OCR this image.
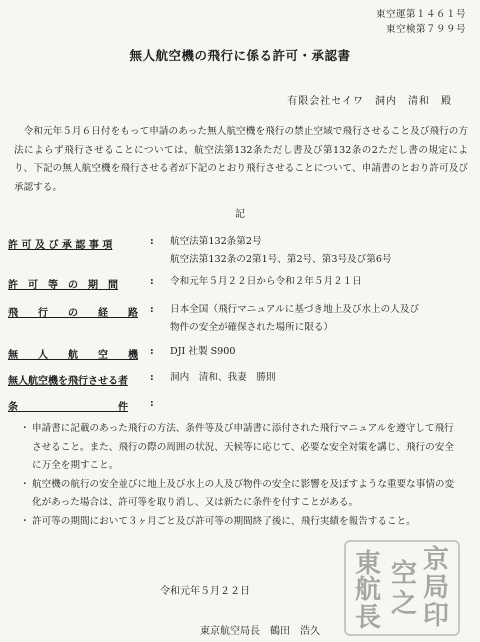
東空運第１４６１号
東空検第７９９号
無人航空機の飛行に係る許可・承認書
有限会社セイワ　洞内　清和　殿
令和元年５月６日付をもって申請のあった無人航空機を飛行の禁止空域で飛行させること及び飛行の方法によらず飛行させることについては、航空法第132条ただし書及び第132条の2ただし書の規定により、下記の無人航空機を飛行させる者が下記のとおり飛行させることについて、申請書のとおり許可及び承認する。
記
許 可 及 び 承 認 事 項	: 航空法第132条第2号
航空法第132条の2第1号、第2号、第3号及び第6号
許　可　等　の　期　間	: 令和元年５月２２日から令和２年５月２１日
飛　　行　　の　　経　　路 : 日本全国（飛行マニュアルに基づき地上及び水上の人及び
物件の安全が確保された場所に限る）
無　　人　　航　　空　　機 : DJI 社製 S900
無人航空機を飛行させる者 : 洞内　清和、我妻　勝則
条　　　　　　　　　　件 :

・ 申請書に記載のあった飛行の方法、条件等及び申請書に添付された飛行マニュアルを遵守して飛行させること。また、飛行の際の周囲の状況、天候等に応じて、必要な安全対策を講じ、飛行の安全に万全を期すこと。

・ 航空機の航行の安全並びに地上及び水上の人及び物件の安全に影響を及ぼすような重要な事情の変化があった場合は、許可等を取り消し、又は新たに条件を付すことがある。

・ 許可等の期間において３ヶ月ごと及び許可等の期間終了後に、飛行実績を報告すること。

令和元年５月２２日
東京航空局長　鶴田　浩久
京
局
印
空
之
東
航
長
